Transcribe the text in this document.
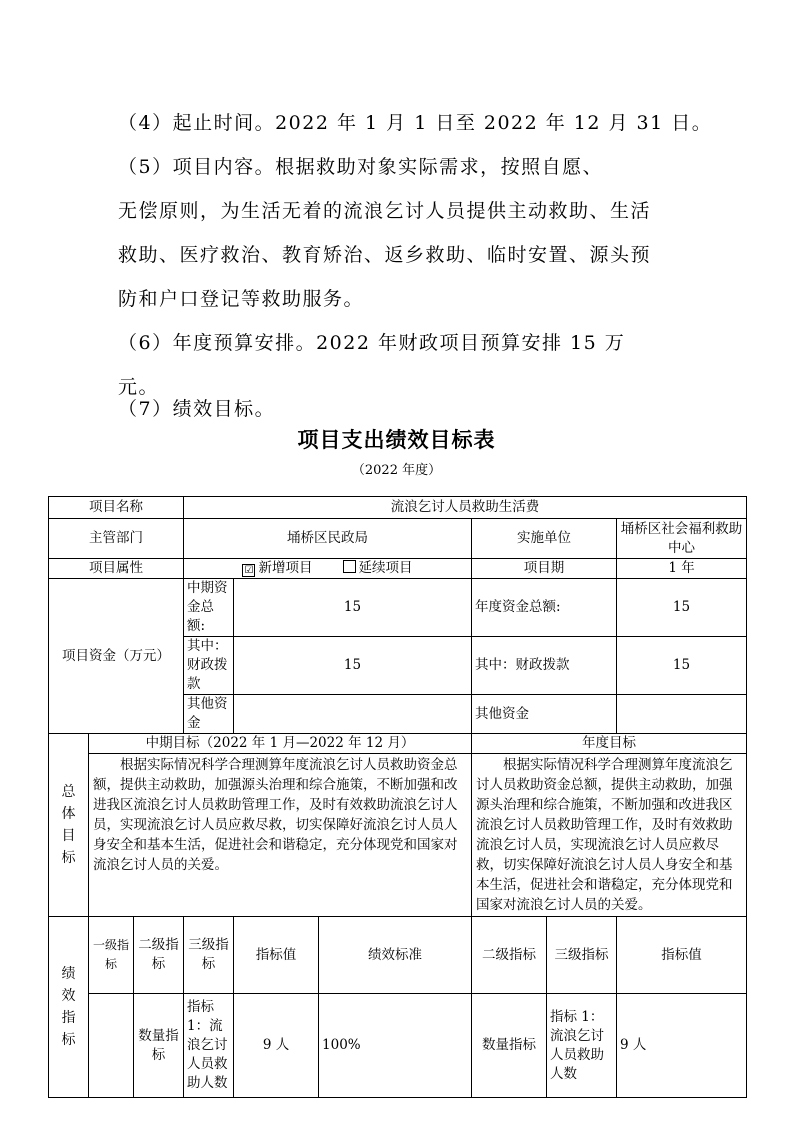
（4）起止时间。2022 年 1 月 1 日至 2022 年 12 月 31 日。
（5）项目内容。根据救助对象实际需求，按照自愿、
无偿原则，为生活无着的流浪乞讨人员提供主动救助、生活
救助、医疗救治、教育矫治、返乡救助、临时安置、源头预
防和户口登记等救助服务。
（6）年度预算安排。2022 年财政项目预算安排 15 万
元。
（7）绩效目标。
项目支出绩效目标表
（2022 年度）
项目名称			流浪乞讨人员救助生活费						
主管部门			埇桥区民政局			实施单位		埇桥区社会福利救助中心	
项目属性			☑ 新增项目 延续项目			项目期		1 年	
项目资金（万元）			中期资金总额:	15		年度资金总额:		15	
			其中：财政拨款	15		其中：财政拨款		15	
			其他资金			其他资金			
总体目标	中期目标（2022 年 1 月—2022 年 12 月）					年度目标			

	根据实际情况科学合理测算年度流浪乞讨人员救助资金总额，提供主动救助，加强源头治理和综合施策，不断加强和改进我区流浪乞讨人员救助管理工作，及时有效救助流浪乞讨人员，实现流浪乞讨人员应救尽救，切实保障好流浪乞讨人员人身安全和基本生活，促进社会和谐稳定，充分体现党和国家对流浪乞讨人员的关爱。					根据实际情况科学合理测算年度流浪乞讨人员救助资金总额，提供主动救助，加强源头治理和综合施策，不断加强和改进我区流浪乞讨人员救助管理工作，及时有效救助流浪乞讨人员，实现流浪乞讨人员应救尽救，切实保障好流浪乞讨人员人身安全和基本生活，促进社会和谐稳定，充分体现党和国家对流浪乞讨人员的关爱。			

绩效指标	一级指标	二级指标	三级指标	指标值	绩效标准	二级指标	三级指标	指标值	
		数量指标	指标 1：流浪乞讨人员救助人数	9 人	100%	数量指标	指标 1：流浪乞讨人员救助人数	9 人	
